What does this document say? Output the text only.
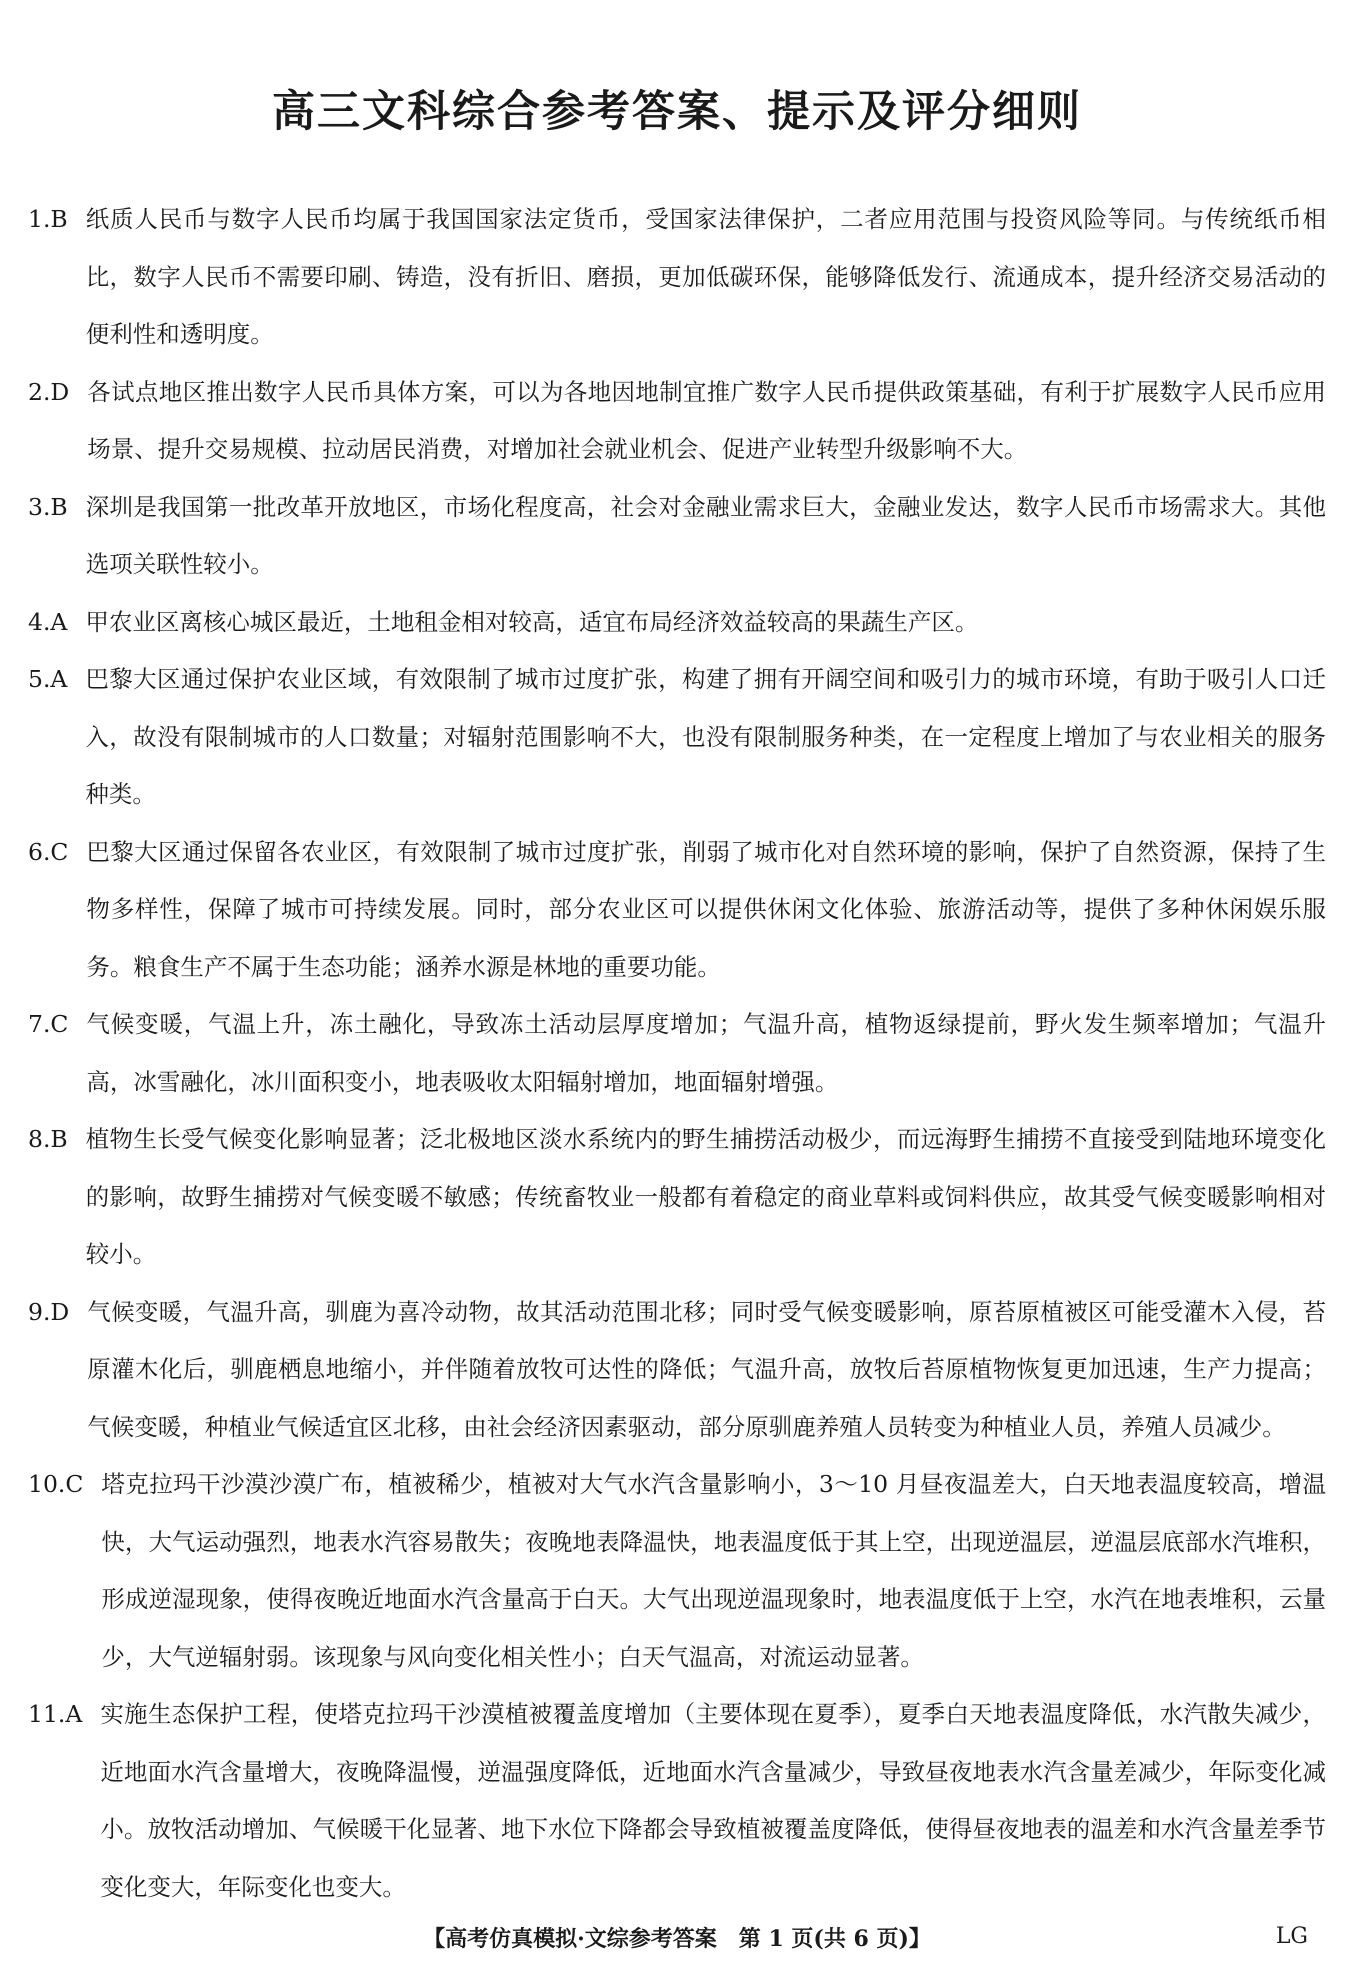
高三文科综合参考答案、提示及评分细则
1.B 纸质人民币与数字人民币均属于我国国家法定货币，受国家法律保护，二者应用范围与投资风险等同。与传统纸币相比，数字人民币不需要印刷、铸造，没有折旧、磨损，更加低碳环保，能够降低发行、流通成本，提升经济交易活动的便利性和透明度。
2.D 各试点地区推出数字人民币具体方案，可以为各地因地制宜推广数字人民币提供政策基础，有利于扩展数字人民币应用场景、提升交易规模、拉动居民消费，对增加社会就业机会、促进产业转型升级影响不大。
3.B 深圳是我国第一批改革开放地区，市场化程度高，社会对金融业需求巨大，金融业发达，数字人民币市场需求大。其他选项关联性较小。
4.A 甲农业区离核心城区最近，土地租金相对较高，适宜布局经济效益较高的果蔬生产区。
5.A 巴黎大区通过保护农业区域，有效限制了城市过度扩张，构建了拥有开阔空间和吸引力的城市环境，有助于吸引人口迁入，故没有限制城市的人口数量；对辐射范围影响不大，也没有限制服务种类，在一定程度上增加了与农业相关的服务种类。
6.C 巴黎大区通过保留各农业区，有效限制了城市过度扩张，削弱了城市化对自然环境的影响，保护了自然资源，保持了生物多样性，保障了城市可持续发展。同时，部分农业区可以提供休闲文化体验、旅游活动等，提供了多种休闲娱乐服务。粮食生产不属于生态功能；涵养水源是林地的重要功能。
7.C 气候变暖，气温上升，冻土融化，导致冻土活动层厚度增加；气温升高，植物返绿提前，野火发生频率增加；气温升高，冰雪融化，冰川面积变小，地表吸收太阳辐射增加，地面辐射增强。
8.B 植物生长受气候变化影响显著；泛北极地区淡水系统内的野生捕捞活动极少，而远海野生捕捞不直接受到陆地环境变化的影响，故野生捕捞对气候变暖不敏感；传统畜牧业一般都有着稳定的商业草料或饲料供应，故其受气候变暖影响相对较小。
9.D 气候变暖，气温升高，驯鹿为喜冷动物，故其活动范围北移；同时受气候变暖影响，原苔原植被区可能受灌木入侵，苔原灌木化后，驯鹿栖息地缩小，并伴随着放牧可达性的降低；气温升高，放牧后苔原植物恢复更加迅速，生产力提高；气候变暖，种植业气候适宜区北移，由社会经济因素驱动，部分原驯鹿养殖人员转变为种植业人员，养殖人员减少。
10.C 塔克拉玛干沙漠沙漠广布，植被稀少，植被对大气水汽含量影响小，3～10 月昼夜温差大，白天地表温度较高，增温快，大气运动强烈，地表水汽容易散失；夜晚地表降温快，地表温度低于其上空，出现逆温层，逆温层底部水汽堆积，形成逆湿现象，使得夜晚近地面水汽含量高于白天。大气出现逆温现象时，地表温度低于上空，水汽在地表堆积，云量少，大气逆辐射弱。该现象与风向变化相关性小；白天气温高，对流运动显著。
11.A 实施生态保护工程，使塔克拉玛干沙漠植被覆盖度增加（主要体现在夏季），夏季白天地表温度降低，水汽散失减少，近地面水汽含量增大，夜晚降温慢，逆温强度降低，近地面水汽含量减少，导致昼夜地表水汽含量差减少，年际变化减小。放牧活动增加、气候暖干化显著、地下水位下降都会导致植被覆盖度降低，使得昼夜地表的温差和水汽含量差季节变化变大，年际变化也变大。
【高考仿真模拟·文综参考答案　第 1 页(共 6 页)】	LG
